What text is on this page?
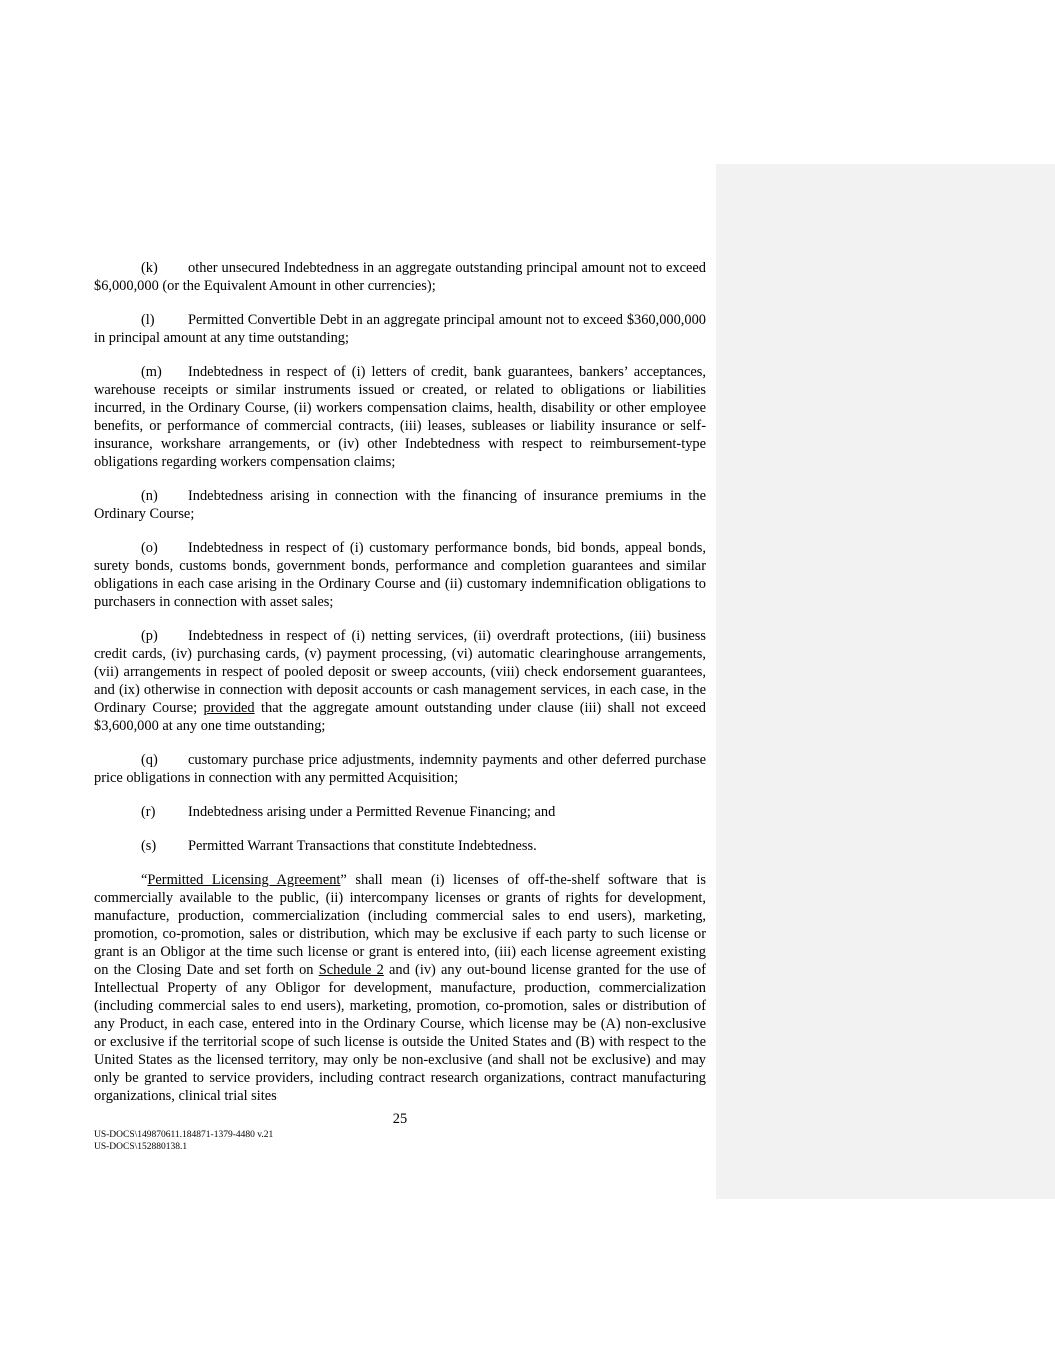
(k) other unsecured Indebtedness in an aggregate outstanding principal amount not to exceed $6,000,000 (or the Equivalent Amount in other currencies);

(l) Permitted Convertible Debt in an aggregate principal amount not to exceed $360,000,000 in principal amount at any time outstanding;

(m) Indebtedness in respect of (i) letters of credit, bank guarantees, bankers’ acceptances, warehouse receipts or similar instruments issued or created, or related to obligations or liabilities incurred, in the Ordinary Course, (ii) workers compensation claims, health, disability or other employee benefits, or performance of commercial contracts, (iii) leases, subleases or liability insurance or self-insurance, workshare arrangements, or (iv) other Indebtedness with respect to reimbursement-type obligations regarding workers compensation claims;

(n) Indebtedness arising in connection with the financing of insurance premiums in the Ordinary Course;

(o) Indebtedness in respect of (i) customary performance bonds, bid bonds, appeal bonds, surety bonds, customs bonds, government bonds, performance and completion guarantees and similar obligations in each case arising in the Ordinary Course and (ii) customary indemnification obligations to purchasers in connection with asset sales;

(p) Indebtedness in respect of (i) netting services, (ii) overdraft protections, (iii) business credit cards, (iv) purchasing cards, (v) payment processing, (vi) automatic clearinghouse arrangements, (vii) arrangements in respect of pooled deposit or sweep accounts, (viii) check endorsement guarantees, and (ix) otherwise in connection with deposit accounts or cash management services, in each case, in the Ordinary Course; provided that the aggregate amount outstanding under clause (iii) shall not exceed $3,600,000 at any one time outstanding;

(q) customary purchase price adjustments, indemnity payments and other deferred purchase price obligations in connection with any permitted Acquisition;

(r) Indebtedness arising under a Permitted Revenue Financing; and

(s) Permitted Warrant Transactions that constitute Indebtedness.

“Permitted Licensing Agreement” shall mean (i) licenses of off-the-shelf software that is commercially available to the public, (ii) intercompany licenses or grants of rights for development, manufacture, production, commercialization (including commercial sales to end users), marketing, promotion, co-promotion, sales or distribution, which may be exclusive if each party to such license or grant is an Obligor at the time such license or grant is entered into, (iii) each license agreement existing on the Closing Date and set forth on Schedule 2 and (iv) any out-bound license granted for the use of Intellectual Property of any Obligor for development, manufacture, production, commercialization (including commercial sales to end users), marketing, promotion, co-promotion, sales or distribution of any Product, in each case, entered into in the Ordinary Course, which license may be (A) non-exclusive or exclusive if the territorial scope of such license is outside the United States and (B) with respect to the United States as the licensed territory, may only be non-exclusive (and shall not be exclusive) and may only be granted to service providers, including contract research organizations, contract manufacturing organizations, clinical trial sites

25
US-DOCS\149870611.184871-1379-4480 v.21
US-DOCS\152880138.1
